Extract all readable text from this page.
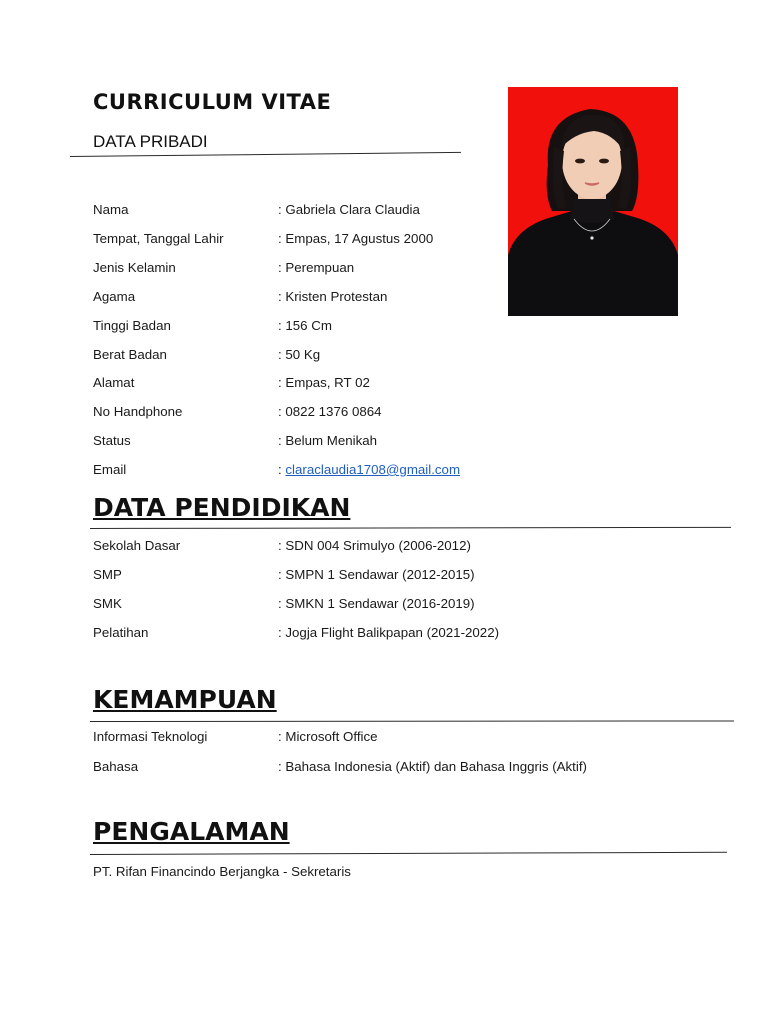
CURRICULUM VITAE
DATA PRIBADI
Nama	: Gabriela Clara Claudia
Tempat, Tanggal Lahir	: Empas, 17 Agustus 2000
Jenis Kelamin	: Perempuan
Agama	: Kristen Protestan
Tinggi Badan	: 156 Cm
Berat Badan	: 50 Kg
Alamat	: Empas, RT 02
No Handphone	: 0822 1376 0864
Status	: Belum Menikah
Email	: claraclaudia1708@gmail.com
DATA PENDIDIKAN
Sekolah Dasar	: SDN 004 Srimulyo (2006-2012)
SMP	: SMPN 1 Sendawar (2012-2015)
SMK	: SMKN 1 Sendawar (2016-2019)
Pelatihan	: Jogja Flight Balikpapan (2021-2022)
KEMAMPUAN
Informasi Teknologi	: Microsoft Office
Bahasa	: Bahasa Indonesia (Aktif) dan Bahasa Inggris (Aktif)
PENGALAMAN
PT. Rifan Financindo Berjangka - Sekretaris
